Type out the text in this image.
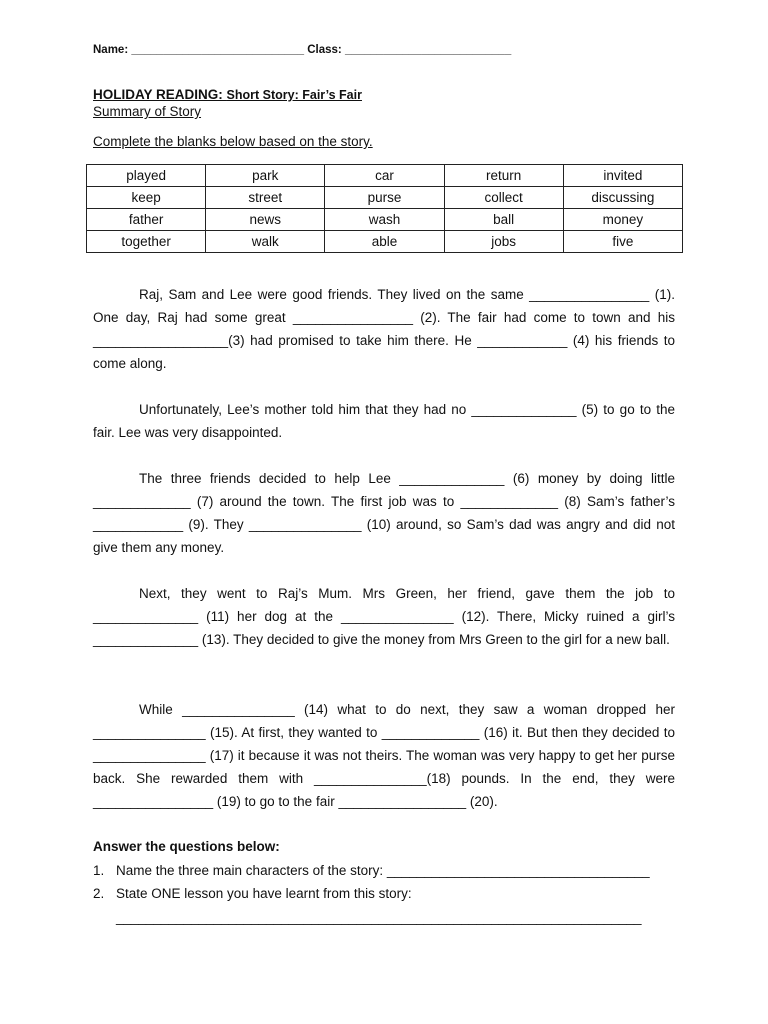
Name: ___________________________ Class: __________________________
HOLIDAY READING: Short Story: Fair’s Fair
Summary of Story
Complete the blanks below based on the story.
played	park	car	return	invited
keep	street	purse	collect	discussing
father	news	wash	ball	money
together	walk	able	jobs	five

Raj, Sam and Lee were good friends. They lived on the same ________________ (1). One day, Raj had some great ________________ (2). The fair had come to town and his __________________(3) had promised to take him there. He ____________ (4) his friends to come along.

Unfortunately, Lee’s mother told him that they had no ______________ (5) to go to the fair. Lee was very disappointed.

The three friends decided to help Lee ______________ (6) money by doing little _____________ (7) around the town. The first job was to _____________ (8) Sam’s father’s ____________ (9). They _______________ (10) around, so Sam’s dad was angry and did not give them any money.

Next, they went to Raj’s Mum. Mrs Green, her friend, gave them the job to ______________ (11) her dog at the _______________ (12). There, Micky ruined a girl’s ______________ (13). They decided to give the money from Mrs Green to the girl for a new ball.

While _______________ (14) what to do next, they saw a woman dropped her _______________ (15). At first, they wanted to _____________ (16) it. But then they decided to _______________ (17) it because it was not theirs. The woman was very happy to get her purse back. She rewarded them with _______________(18) pounds. In the end, they were ________________ (19) to go to the fair _________________ (20).

Answer the questions below:
1. Name the three main characters of the story: ___________________________________
2. State ONE lesson you have learnt from this story:
______________________________________________________________________
